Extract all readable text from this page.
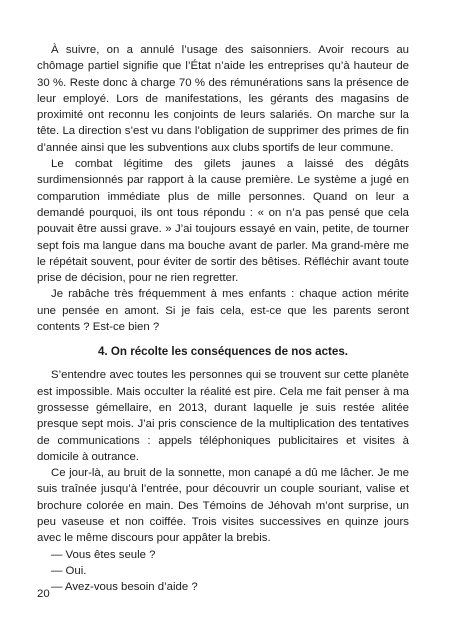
À suivre, on a annulé l’usage des saisonniers. Avoir recours au chômage partiel signifie que l’État n’aide les entreprises qu’à hauteur de 30 %. Reste donc à charge 70 % des rémunérations sans la présence de leur employé. Lors de manifestations, les gérants des magasins de proximité ont reconnu les conjoints de leurs salariés. On marche sur la tête. La direction s’est vu dans l’obligation de supprimer des primes de fin d’année ainsi que les subventions aux clubs sportifs de leur commune.

Le combat légitime des gilets jaunes a laissé des dégâts surdimensionnés par rapport à la cause première. Le système a jugé en comparution immédiate plus de mille personnes. Quand on leur a demandé pourquoi, ils ont tous répondu : « on n’a pas pensé que cela pouvait être aussi grave. » J’ai toujours essayé en vain, petite, de tourner sept fois ma langue dans ma bouche avant de parler. Ma grand-mère me le répétait souvent, pour éviter de sortir des bêtises. Réfléchir avant toute prise de décision, pour ne rien regretter.

Je rabâche très fréquemment à mes enfants : chaque action mérite une pensée en amont. Si je fais cela, est-ce que les parents seront contents ? Est-ce bien ?

4. On récolte les conséquences de nos actes.

S’entendre avec toutes les personnes qui se trouvent sur cette planète est impossible. Mais occulter la réalité est pire. Cela me fait penser à ma grossesse gémellaire, en 2013, durant laquelle je suis restée alitée presque sept mois. J’ai pris conscience de la multiplication des tentatives de communications : appels téléphoniques publicitaires et visites à domicile à outrance.

Ce jour-là, au bruit de la sonnette, mon canapé a dû me lâcher. Je me suis traînée jusqu’à l’entrée, pour découvrir un couple souriant, valise et brochure colorée en main. Des Témoins de Jéhovah m’ont surprise, un peu vaseuse et non coiffée. Trois visites successives en quinze jours avec le même discours pour appâter la brebis.

— Vous êtes seule ?

— Oui.

— Avez-vous besoin d’aide ?

20
